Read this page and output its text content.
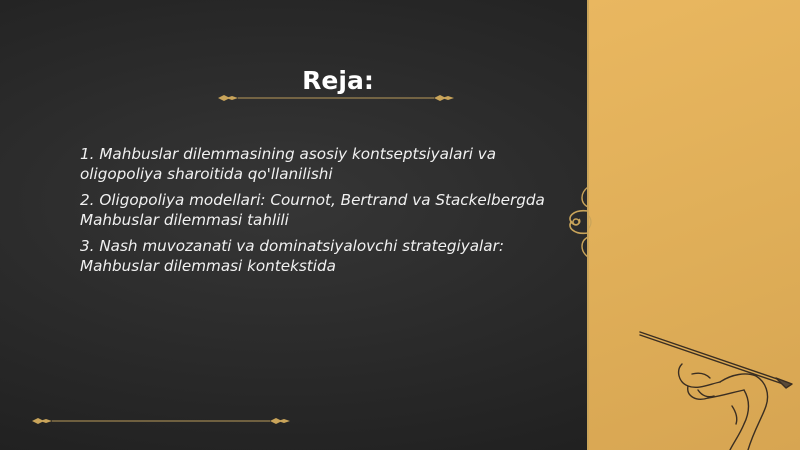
Reja:
1. Mahbuslar dilemmasining asosiy kontseptsiyalari va oligopoliya sharoitida qo'llanilishi
2. Oligopoliya modellari: Cournot, Bertrand va Stackelbergda Mahbuslar dilemmasi tahlili
3. Nash muvozanati va dominatsiyalovchi strategiyalar: Mahbuslar dilemmasi kontekstida
